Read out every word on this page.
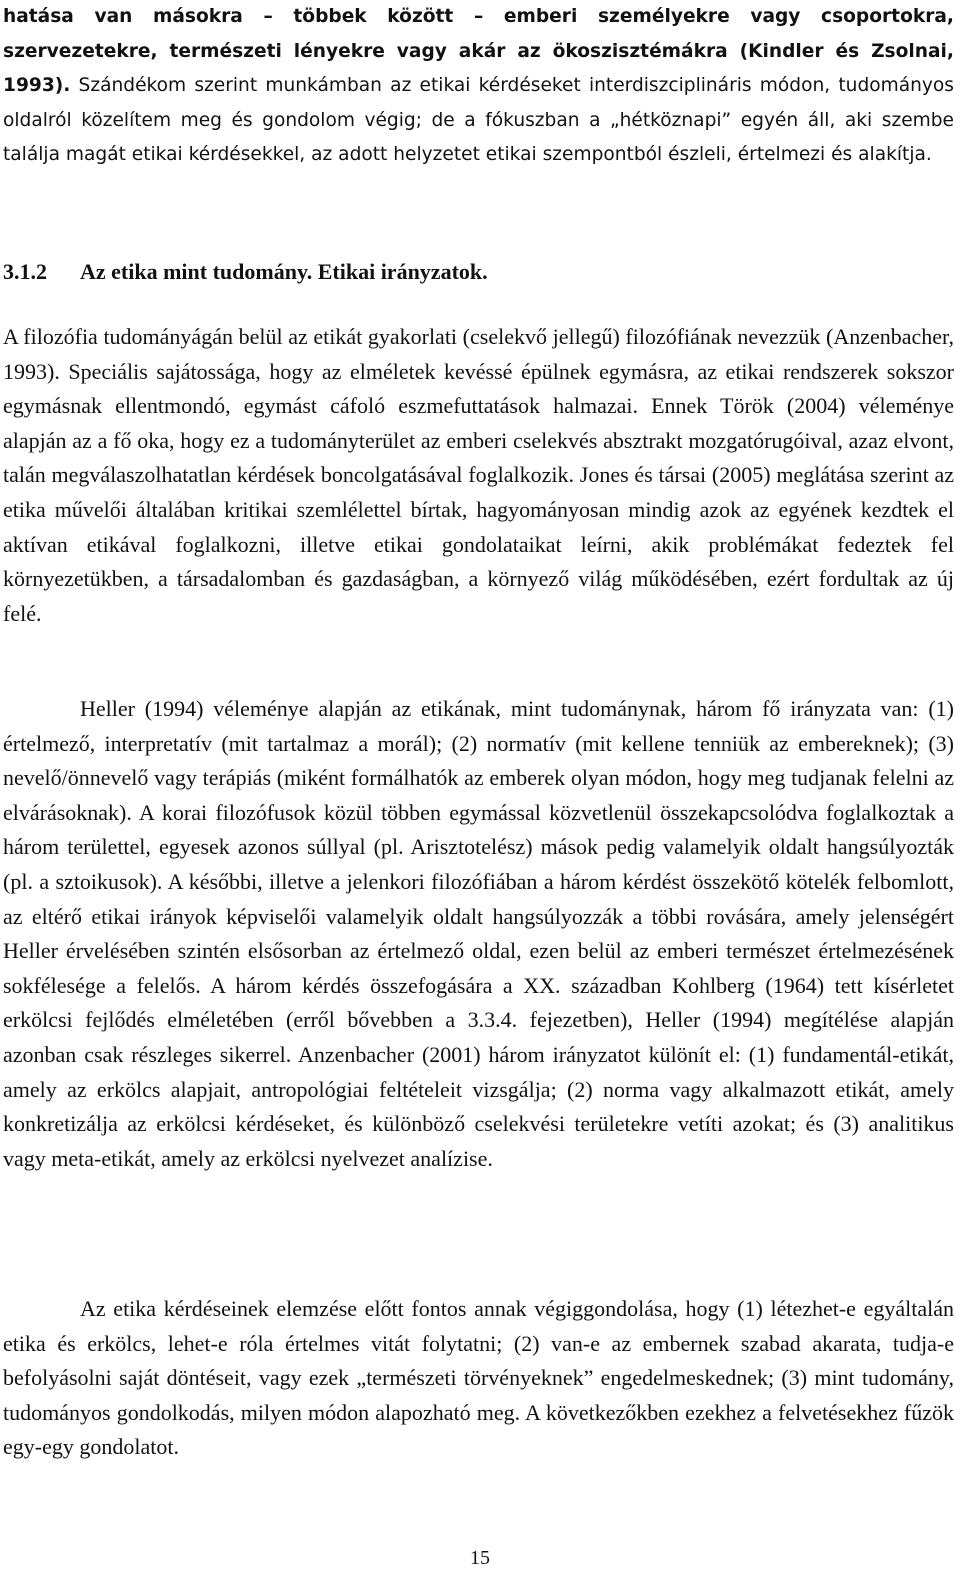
hatása van másokra – többek között – emberi személyekre vagy csoportokra, szervezetekre, természeti lényekre vagy akár az ökoszisztémákra (Kindler és Zsolnai, 1993). Szándékom szerint munkámban az etikai kérdéseket interdiszciplináris módon, tudományos oldalról közelítem meg és gondolom végig; de a fókuszban a „hétköznapi” egyén áll, aki szembe találja magát etikai kérdésekkel, az adott helyzetet etikai szempontból észleli, értelmezi és alakítja.

3.1.2 Az etika mint tudomány. Etikai irányzatok.

A filozófia tudományágán belül az etikát gyakorlati (cselekvő jellegű) filozófiának nevezzük (Anzenbacher, 1993). Speciális sajátossága, hogy az elméletek kevéssé épülnek egymásra, az etikai rendszerek sokszor egymásnak ellentmondó, egymást cáfoló eszmefuttatások halmazai. Ennek Török (2004) véleménye alapján az a fő oka, hogy ez a tudományterület az emberi cselekvés absztrakt mozgatórugóival, azaz elvont, talán megválaszolhatatlan kérdések boncolgatásával foglalkozik. Jones és társai (2005) meglátása szerint az etika művelői általában kritikai szemlélettel bírtak, hagyományosan mindig azok az egyének kezdtek el aktívan etikával foglalkozni, illetve etikai gondolataikat leírni, akik problémákat fedeztek fel környezetükben, a társadalomban és gazdaságban, a környező világ működésében, ezért fordultak az új felé.

Heller (1994) véleménye alapján az etikának, mint tudománynak, három fő irányzata van: (1) értelmező, interpretatív (mit tartalmaz a morál); (2) normatív (mit kellene tenniük az embereknek); (3) nevelő/önnevelő vagy terápiás (miként formálhatók az emberek olyan módon, hogy meg tudjanak felelni az elvárásoknak). A korai filozófusok közül többen egymással közvetlenül összekapcsolódva foglalkoztak a három területtel, egyesek azonos súllyal (pl. Arisztotelész) mások pedig valamelyik oldalt hangsúlyozták (pl. a sztoikusok). A későbbi, illetve a jelenkori filozófiában a három kérdést összekötő kötelék felbomlott, az eltérő etikai irányok képviselői valamelyik oldalt hangsúlyozzák a többi rovására, amely jelenségért Heller érvelésében szintén elsősorban az értelmező oldal, ezen belül az emberi természet értelmezésének sokfélesége a felelős. A három kérdés összefogására a XX. században Kohlberg (1964) tett kísérletet erkölcsi fejlődés elméletében (erről bővebben a 3.3.4. fejezetben), Heller (1994) megítélése alapján azonban csak részleges sikerrel. Anzenbacher (2001) három irányzatot különít el: (1) fundamentál-etikát, amely az erkölcs alapjait, antropológiai feltételeit vizsgálja; (2) norma vagy alkalmazott etikát, amely konkretizálja az erkölcsi kérdéseket, és különböző cselekvési területekre vetíti azokat; és (3) analitikus vagy meta-etikát, amely az erkölcsi nyelvezet analízise.

Az etika kérdéseinek elemzése előtt fontos annak végiggondolása, hogy (1) létezhet-e egyáltalán etika és erkölcs, lehet-e róla értelmes vitát folytatni; (2) van-e az embernek szabad akarata, tudja-e befolyásolni saját döntéseit, vagy ezek „természeti törvényeknek” engedelmeskednek; (3) mint tudomány, tudományos gondolkodás, milyen módon alapozható meg. A következőkben ezekhez a felvetésekhez fűzök egy-egy gondolatot.

15
